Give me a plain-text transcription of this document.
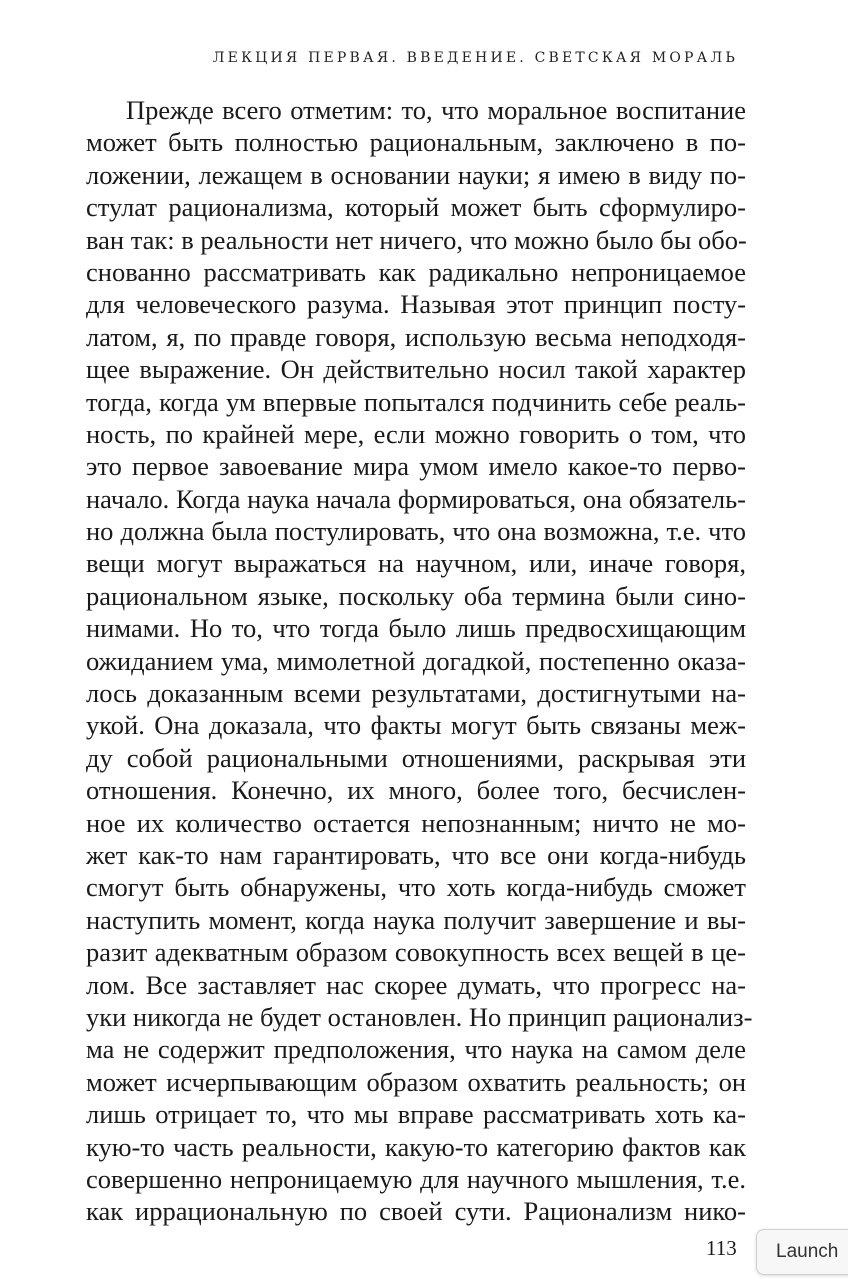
ЛЕКЦИЯ ПЕРВАЯ. ВВЕДЕНИЕ. СВЕТСКАЯ МОРАЛЬ
Прежде всего отметим: то, что моральное воспитание
может быть полностью рациональным, заключено в по-
ложении, лежащем в основании науки; я имею в виду по-
стулат рационализма, который может быть сформулиро-
ван так: в реальности нет ничего, что можно было бы обо-
снованно рассматривать как радикально непроницаемое
для человеческого разума. Называя этот принцип посту-
латом, я, по правде говоря, использую весьма неподходя-
щее выражение. Он действительно носил такой характер
тогда, когда ум впервые попытался подчинить себе реаль-
ность, по крайней мере, если можно говорить о том, что
это первое завоевание мира умом имело какое-то перво-
начало. Когда наука начала формироваться, она обязатель-
но должна была постулировать, что она возможна, т.е. что
вещи могут выражаться на научном, или, иначе говоря,
рациональном языке, поскольку оба термина были сино-
нимами. Но то, что тогда было лишь предвосхищающим
ожиданием ума, мимолетной догадкой, постепенно оказа-
лось доказанным всеми результатами, достигнутыми на-
укой. Она доказала, что факты могут быть связаны меж-
ду собой рациональными отношениями, раскрывая эти
отношения. Конечно, их много, более того, бесчислен-
ное их количество остается непознанным; ничто не мо-
жет как-то нам гарантировать, что все они когда-нибудь
смогут быть обнаружены, что хоть когда-нибудь сможет
наступить момент, когда наука получит завершение и вы-
разит адекватным образом совокупность всех вещей в це-
лом. Все заставляет нас скорее думать, что прогресс на-
уки никогда не будет остановлен. Но принцип рационализ-
ма не содержит предположения, что наука на самом деле
может исчерпывающим образом охватить реальность; он
лишь отрицает то, что мы вправе рассматривать хоть ка-
кую-то часть реальности, какую-то категорию фактов как
совершенно непроницаемую для научного мышления, т.е.
как иррациональную по своей сути. Рационализм нико-
113	Launch
